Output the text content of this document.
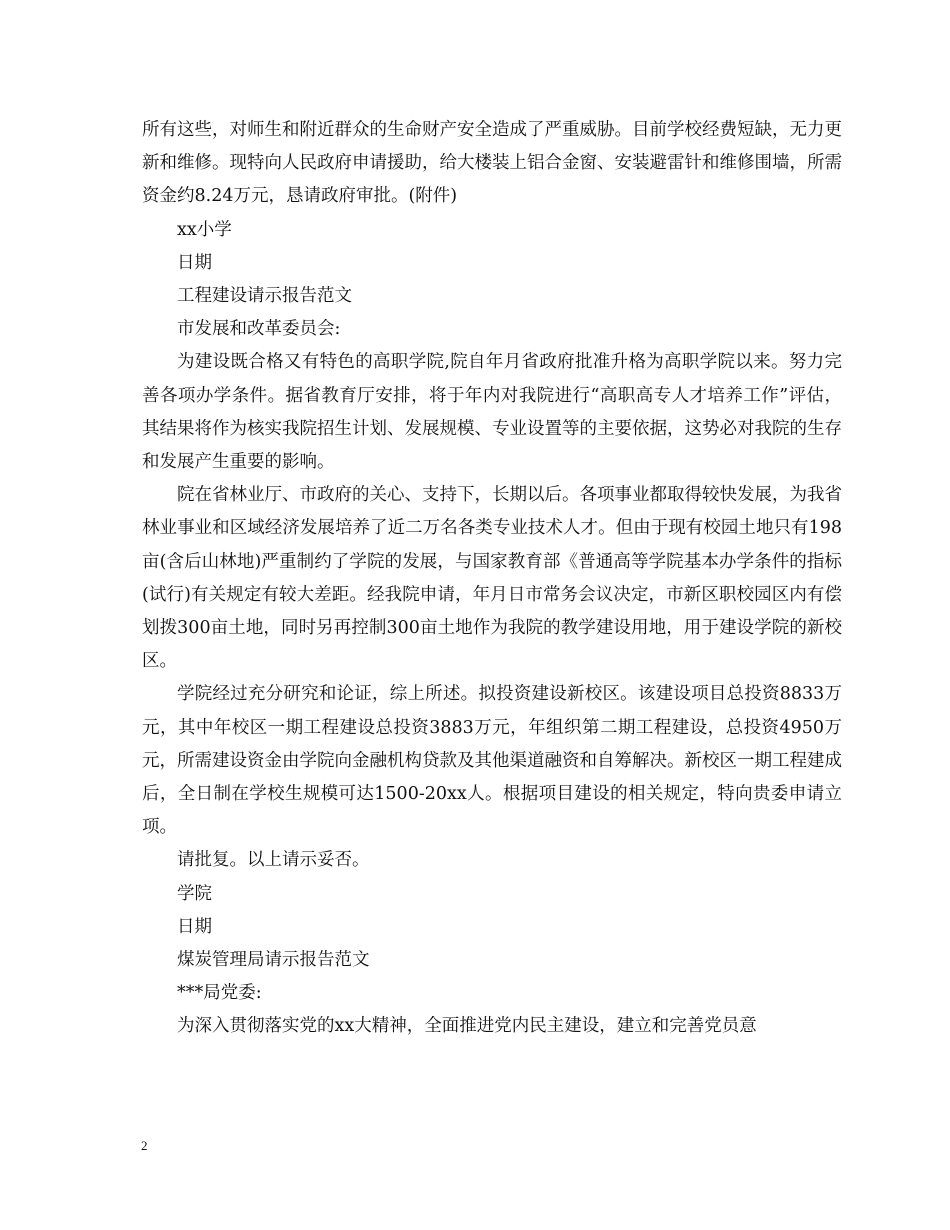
所有这些，对师生和附近群众的生命财产安全造成了严重威胁。目前学校经费短缺，无力更新和维修。现特向人民政府申请援助，给大楼装上铝合金窗、安装避雷针和维修围墙，所需资金约8.24万元，恳请政府审批。(附件)

xx小学

日期

工程建设请示报告范文

市发展和改革委员会:

为建设既合格又有特色的高职学院,院自年月省政府批准升格为高职学院以来。努力完善各项办学条件。据省教育厅安排，将于年内对我院进行“高职高专人才培养工作”评估，其结果将作为核实我院招生计划、发展规模、专业设置等的主要依据，这势必对我院的生存和发展产生重要的影响。

院在省林业厅、市政府的关心、支持下，长期以后。各项事业都取得较快发展，为我省林业事业和区域经济发展培养了近二万名各类专业技术人才。但由于现有校园土地只有198亩(含后山林地)严重制约了学院的发展，与国家教育部《普通高等学院基本办学条件的指标(试行)有关规定有较大差距。经我院申请，年月日市常务会议决定，市新区职校园区内有偿划拨300亩土地，同时另再控制300亩土地作为我院的教学建设用地，用于建设学院的新校区。

学院经过充分研究和论证，综上所述。拟投资建设新校区。该建设项目总投资8833万元，其中年校区一期工程建设总投资3883万元，年组织第二期工程建设，总投资4950万元，所需建设资金由学院向金融机构贷款及其他渠道融资和自筹解决。新校区一期工程建成后，全日制在学校生规模可达1500-20xx人。根据项目建设的相关规定，特向贵委申请立项。

请批复。以上请示妥否。

学院

日期

煤炭管理局请示报告范文

***局党委:

为深入贯彻落实党的xx大精神，全面推进党内民主建设，建立和完善党员意

2
